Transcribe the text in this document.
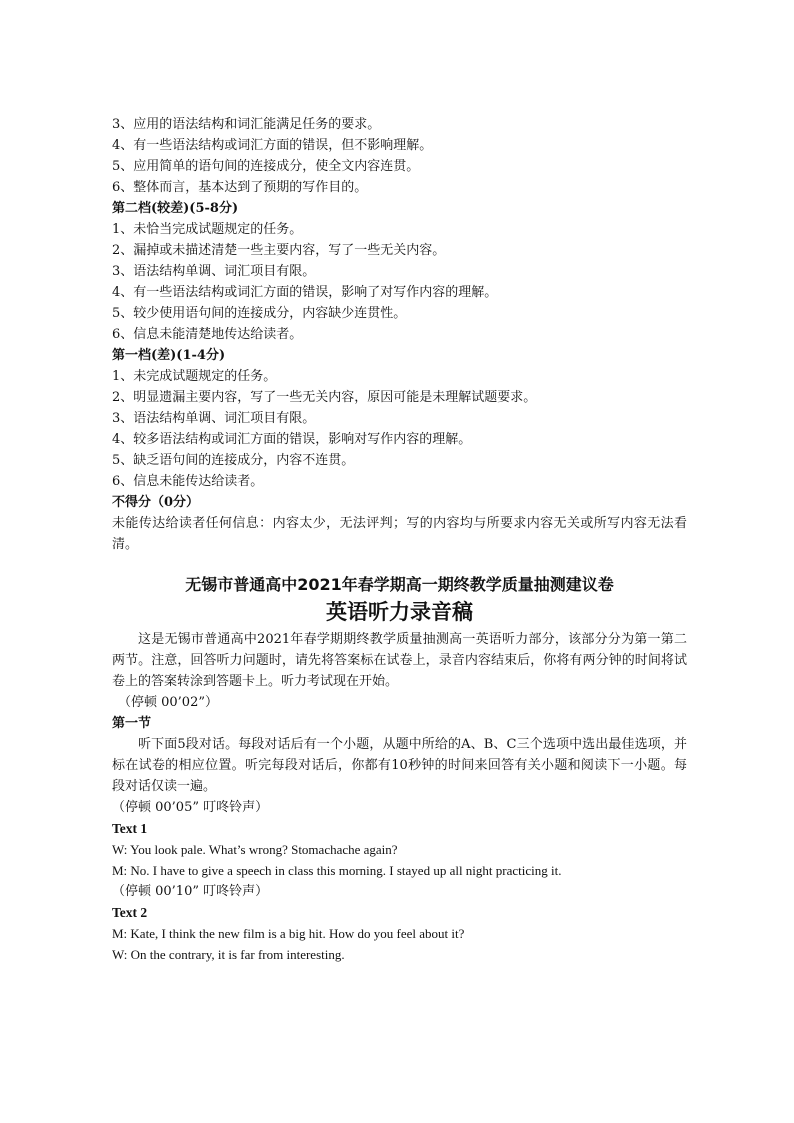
3、应用的语法结构和词汇能满足任务的要求。
4、有一些语法结构或词汇方面的错误，但不影响理解。
5、应用简单的语句间的连接成分，使全文内容连贯。
6、整体而言，基本达到了预期的写作目的。
第二档(较差)(5-8分)
1、未恰当完成试题规定的任务。
2、漏掉或未描述清楚一些主要内容，写了一些无关内容。
3、语法结构单调、词汇项目有限。
4、有一些语法结构或词汇方面的错误，影响了对写作内容的理解。
5、较少使用语句间的连接成分，内容缺少连贯性。
6、信息未能清楚地传达给读者。
第一档(差)(1-4分)
1、未完成试题规定的任务。
2、明显遗漏主要内容，写了一些无关内容，原因可能是未理解试题要求。
3、语法结构单调、词汇项目有限。
4、较多语法结构或词汇方面的错误，影响对写作内容的理解。
5、缺乏语句间的连接成分，内容不连贯。
6、信息未能传达给读者。
不得分（0分）
未能传达给读者任何信息：内容太少，无法评判；写的内容均与所要求内容无关或所写内容无法看清。
无锡市普通高中2021年春学期高一期终教学质量抽测建议卷
英语听力录音稿
这是无锡市普通高中2021年春学期期终教学质量抽测高一英语听力部分，该部分分为第一第二两节。注意，回答听力问题时，请先将答案标在试卷上，录音内容结束后，你将有两分钟的时间将试卷上的答案转涂到答题卡上。听力考试现在开始。
（停顿 00’02”）
第一节
听下面5段对话。每段对话后有一个小题，从题中所给的A、B、C三个选项中选出最佳选项，并标在试卷的相应位置。听完每段对话后，你都有10秒钟的时间来回答有关小题和阅读下一小题。每段对话仅读一遍。
（停顿 00’05” 叮咚铃声）
Text 1
W: You look pale. What’s wrong? Stomachache again?
M: No. I have to give a speech in class this morning. I stayed up all night practicing it.
（停顿 00’10” 叮咚铃声）
Text 2
M: Kate, I think the new film is a big hit. How do you feel about it?
W: On the contrary, it is far from interesting.
